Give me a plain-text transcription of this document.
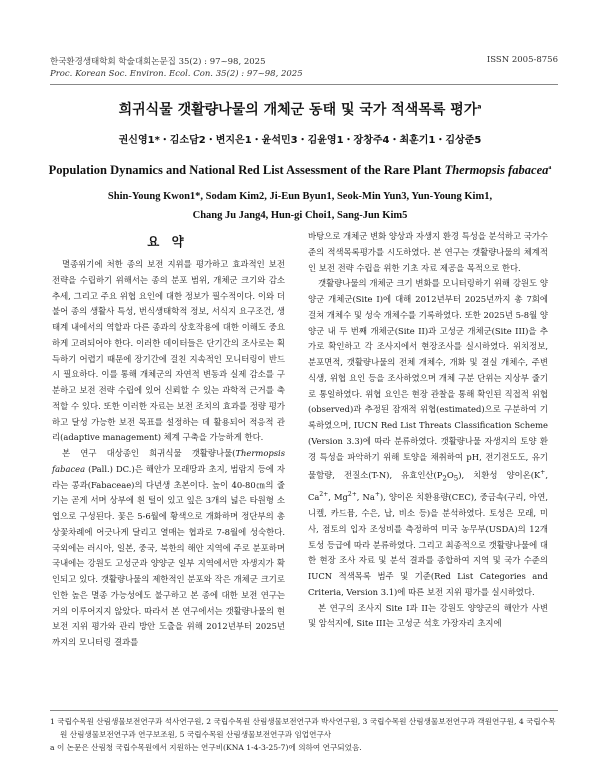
한국환경생태학회 학술대회논문집 35(2) : 97~98, 2025	ISSN 2005-8756
Proc. Korean Soc. Environ. Ecol. Con. 35(2) : 97~98, 2025
희귀식물 갯활량나물의 개체군 동태 및 국가 적색목록 평가$^a$
권신영1*・김소담2・변지은1・윤석민3・김윤영1・장창주4・최훈기1・김상준5
Population Dynamics and National Red List Assessment of the Rare Plant Thermopsis fabacea$^a$
Shin-Young Kwon1*, Sodam Kim2, Ji-Eun Byun1, Seok-Min Yun3, Yun-Young Kim1,
Chang Ju Jang4, Hun-gi Choi1, Sang-Jun Kim5
요 약

멸종위기에 처한 종의 보전 지위를 평가하고 효과적인 보전 전략을 수립하기 위해서는 종의 분포 범위, 개체군 크기와 감소 추세, 그리고 주요 위협 요인에 대한 정보가 필수적이다. 이와 더불어 종의 생활사 특성, 번식생태학적 정보, 서식지 요구조건, 생태계 내에서의 역할과 다른 종과의 상호작용에 대한 이해도 중요하게 고려되어야 한다. 이러한 데이터들은 단기간의 조사로는 획득하기 어렵기 때문에 장기간에 걸친 지속적인 모니터링이 반드시 필요하다. 이를 통해 개체군의 자연적 변동과 실제 감소를 구분하고 보전 전략 수립에 있어 신뢰할 수 있는 과학적 근거를 축적할 수 있다. 또한 이러한 자료는 보전 조치의 효과를 정량 평가하고 달성 가능한 보전 목표를 설정하는 데 활용되어 적응적 관리(adaptive management) 체계 구축을 가능하게 한다.

본 연구 대상종인 희귀식물 갯활량나물(Thermopsis fabacea (Pall.) DC.)은 해안가 모래땅과 초지, 범람지 등에 자라는 콩과(Fabaceae)의 다년생 초본이다. 높이 40-80㎝의 줄기는 곧게 서며 상부에 흰 털이 있고 잎은 3개의 넓은 타원형 소엽으로 구성된다. 꽃은 5-6월에 황색으로 개화하며 정단부의 총상꽃차례에 어긋나게 달리고 열매는 협과로 7-8월에 성숙한다. 국외에는 러시아, 일본, 중국, 북한의 해안 지역에 주로 분포하며 국내에는 강원도 고성군과 양양군 일부 지역에서만 자생지가 확인되고 있다. 갯활량나물의 제한적인 분포와 작은 개체군 크기로 인한 높은 멸종 가능성에도 불구하고 본 종에 대한 보전 연구는 거의 이루어지지 않았다. 따라서 본 연구에서는 갯활량나물의 현 보전 지위 평가와 관리 방안 도출을 위해 2012년부터 2025년까지의 모니터링 결과를

바탕으로 개체군 변화 양상과 자생지 환경 특성을 분석하고 국가수준의 적색목록평가를 시도하였다. 본 연구는 갯활량나물의 체계적인 보전 전략 수립을 위한 기초 자료 제공을 목적으로 한다.

갯활량나물의 개체군 크기 변화를 모니터링하기 위해 강원도 양양군 개체군(Site I)에 대해 2012년부터 2025년까지 총 7회에 걸쳐 개체수 및 성숙 개체수를 기록하였다. 또한 2025년 5-8월 양양군 내 두 번째 개체군(Site II)과 고성군 개체군(Site III)을 추가로 확인하고 각 조사지에서 현장조사를 실시하였다. 위치정보, 분포면적, 갯활량나물의 전체 개체수, 개화 및 결실 개체수, 주변 식생, 위협 요인 등을 조사하였으며 개체 구분 단위는 지상부 줄기로 통일하였다. 위협 요인은 현장 관찰을 통해 확인된 직접적 위협(observed)과 추정된 잠재적 위협(estimated)으로 구분하여 기록하였으며, IUCN Red List Threats Classification Scheme (Version 3.3)에 따라 분류하였다. 갯활량나물 자생지의 토양 환경 특성을 파악하기 위해 토양을 채취하여 pH, 전기전도도, 유기물함량, 전질소(T-N), 유효인산$(P_2O_5)$, 치환성 양이온(K+, $Ca^{2+}$, $Mg^{2+}$, Na+), 양이온 치환용량(CEC), 중금속(구리, 아연, 니켈, 카드뮴, 수은, 납, 비소 등)을 분석하였다. 토성은 모래, 미사, 점토의 입자 조성비를 측정하여 미국 농무부(USDA)의 12개 토성 등급에 따라 분류하였다. 그리고 최종적으로 갯활량나물에 대한 현장 조사 자료 및 분석 결과를 종합하여 지역 및 국가 수준의 IUCN 적색목록 범주 및 기준(Red List Categories and Criteria, Version 3.1)에 따른 보전 지위 평가를 실시하였다.

본 연구의 조사지 Site I과 II는 강원도 양양군의 해안가 사변 및 암석지에, Site III는 고성군 석호 가장자리 초지에

1 국립수목원 산림생물보전연구과 석사연구원, 2 국립수목원 산림생물보전연구과 박사연구원, 3 국립수목원 산림생물보전연구과 객원연구원, 4 국립수목원 산림생물보전연구과 연구보조원, 5 국립수목원 산림생물보전연구과 임업연구사
a 이 논문은 산림청 국립수목원에서 지원하는 연구비(KNA 1-4-3-25-7)에 의하여 연구되었음.
